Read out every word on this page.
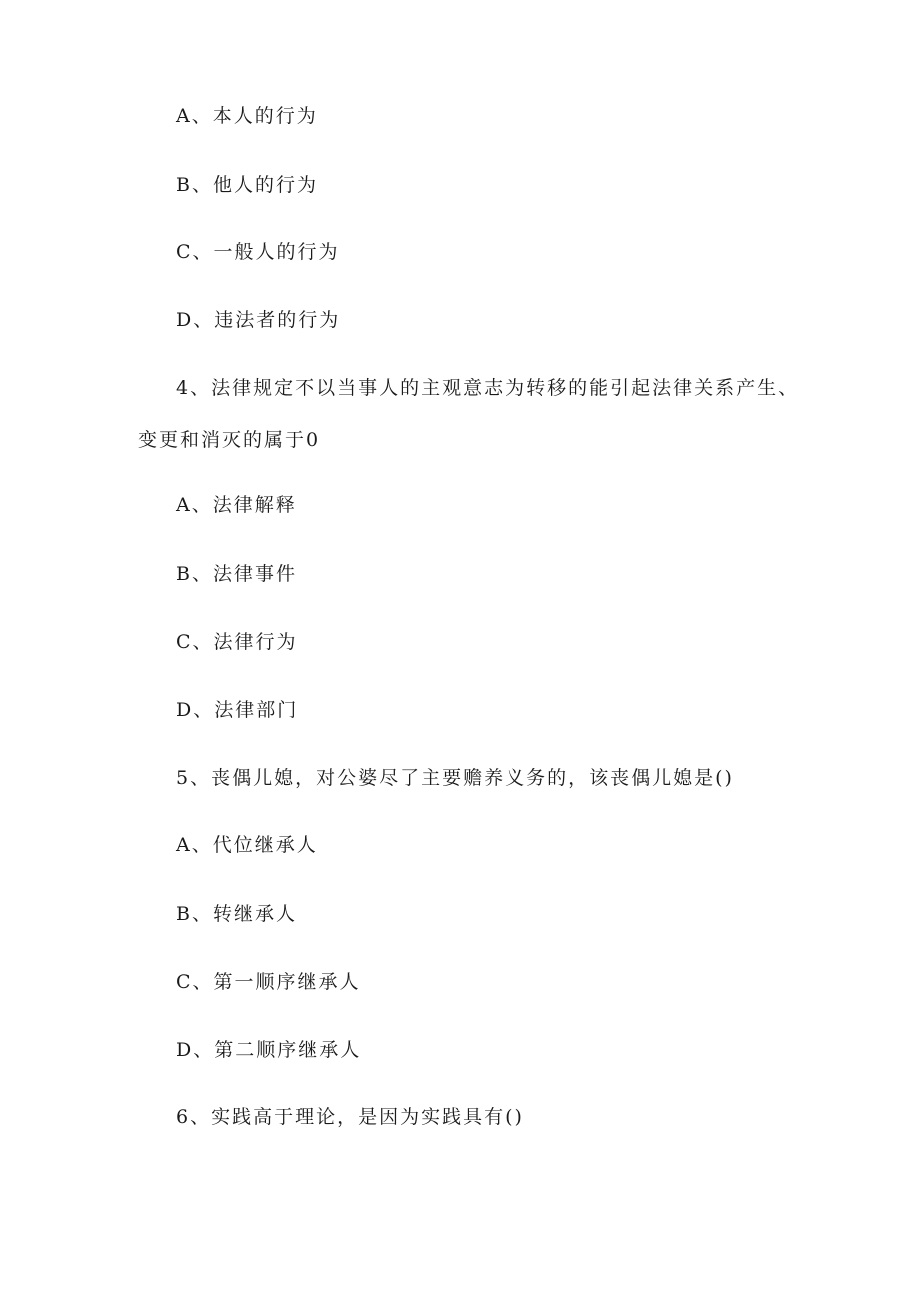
A、本人的行为
B、他人的行为
C、一般人的行为
D、违法者的行为
4、法律规定不以当事人的主观意志为转移的能引起法律关系产生、
变更和消灭的属于0
A、法律解释
B、法律事件
C、法律行为
D、法律部门
5、丧偶儿媳，对公婆尽了主要赡养义务的，该丧偶儿媳是()
A、代位继承人
B、转继承人
C、第一顺序继承人
D、第二顺序继承人
6、实践高于理论，是因为实践具有()
